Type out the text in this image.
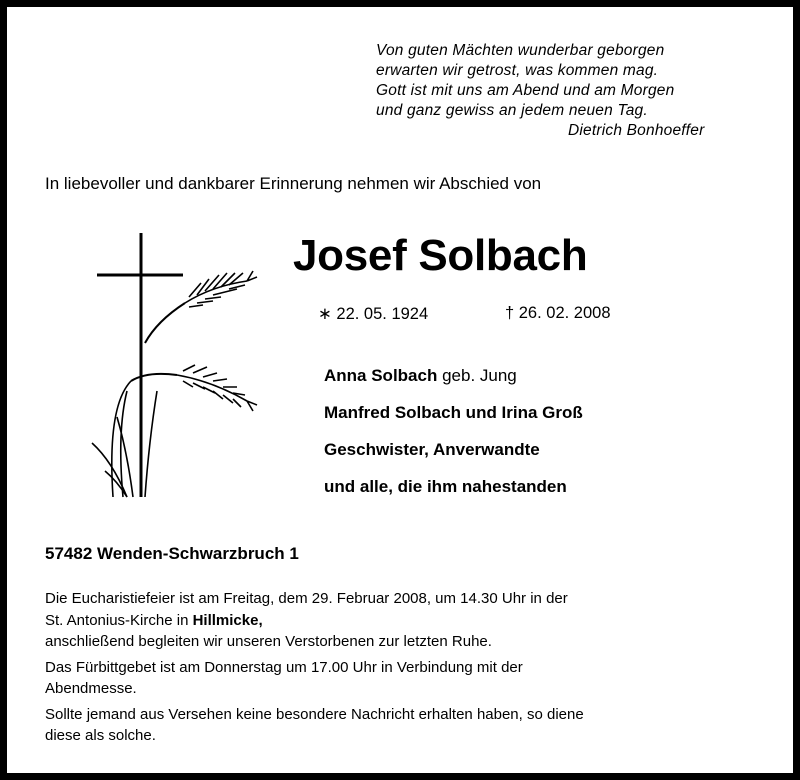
Von guten Mächten wunderbar geborgen
erwarten wir getrost, was kommen mag.
Gott ist mit uns am Abend und am Morgen
und ganz gewiss an jedem neuen Tag.
Dietrich Bonhoeffer
In liebevoller und dankbarer Erinnerung nehmen wir Abschied von
Josef Solbach
∗ 22. 05. 1924	† 26. 02. 2008
Anna Solbach geb. Jung
Manfred Solbach und Irina Groß
Geschwister, Anverwandte
und alle, die ihm nahestanden
57482 Wenden-Schwarzbruch 1

Die Eucharistiefeier ist am Freitag, dem 29. Februar 2008, um 14.30 Uhr in der
St. Antonius-Kirche in Hillmicke,
anschließend begleiten wir unseren Verstorbenen zur letzten Ruhe.

Das Fürbittgebet ist am Donnerstag um 17.00 Uhr in Verbindung mit der
Abendmesse.

Sollte jemand aus Versehen keine besondere Nachricht erhalten haben, so diene
diese als solche.
